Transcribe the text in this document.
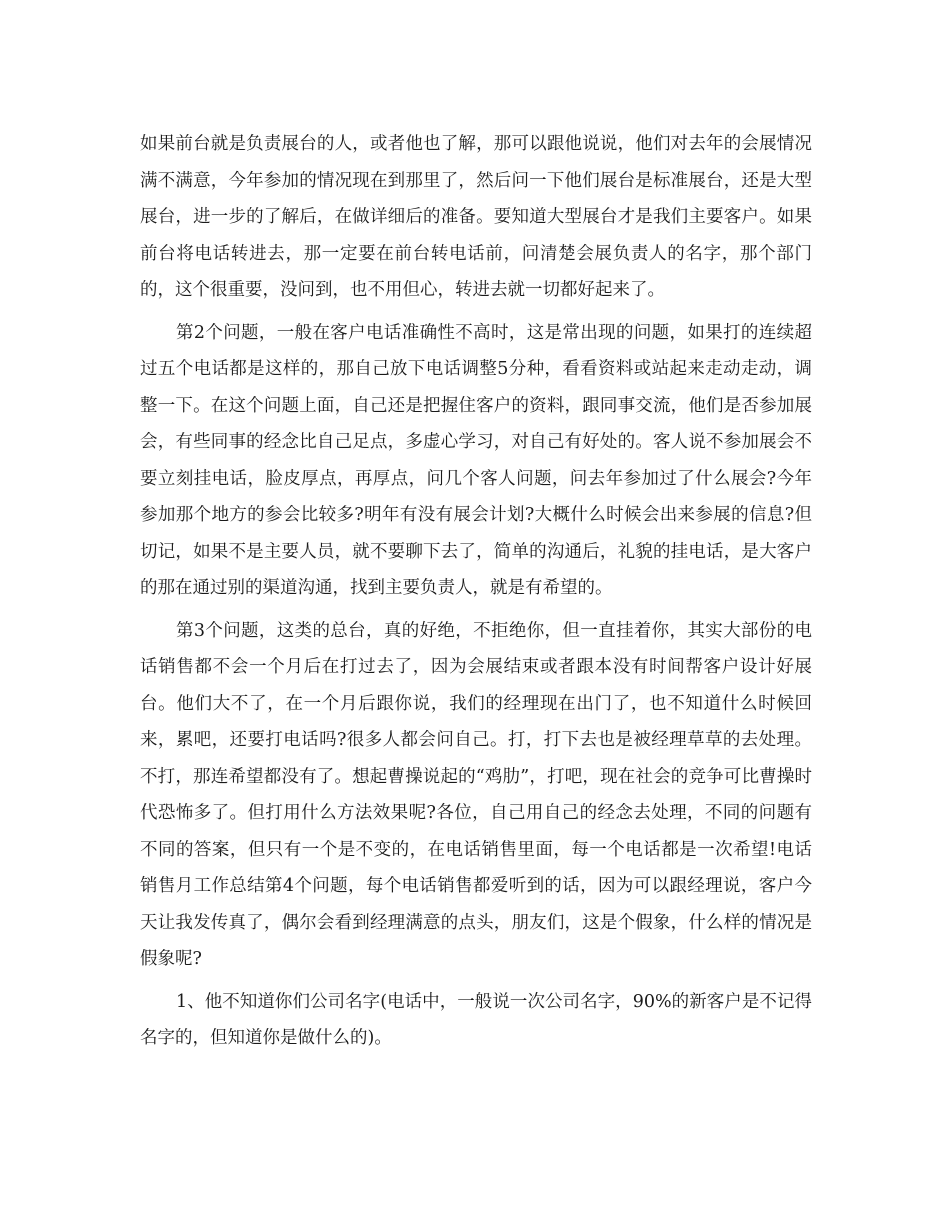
如果前台就是负责展台的人，或者他也了解，那可以跟他说说，他们对去年的会展情况满不满意，今年参加的情况现在到那里了，然后问一下他们展台是标准展台，还是大型展台，进一步的了解后，在做详细后的准备。要知道大型展台才是我们主要客户。如果前台将电话转进去，那一定要在前台转电话前，问清楚会展负责人的名字，那个部门的，这个很重要，没问到，也不用但心，转进去就一切都好起来了。

第2个问题，一般在客户电话准确性不高时，这是常出现的问题，如果打的连续超过五个电话都是这样的，那自己放下电话调整5分种，看看资料或站起来走动走动，调整一下。在这个问题上面，自己还是把握住客户的资料，跟同事交流，他们是否参加展会，有些同事的经念比自己足点，多虚心学习，对自己有好处的。客人说不参加展会不要立刻挂电话，脸皮厚点，再厚点，问几个客人问题，问去年参加过了什么展会?今年参加那个地方的参会比较多?明年有没有展会计划?大概什么时候会出来参展的信息?但切记，如果不是主要人员，就不要聊下去了，简单的沟通后，礼貌的挂电话，是大客户的那在通过别的渠道沟通，找到主要负责人，就是有希望的。

第3个问题，这类的总台，真的好绝，不拒绝你，但一直挂着你，其实大部份的电话销售都不会一个月后在打过去了，因为会展结束或者跟本没有时间帮客户设计好展台。他们大不了，在一个月后跟你说，我们的经理现在出门了，也不知道什么时候回来，累吧，还要打电话吗?很多人都会问自己。打，打下去也是被经理草草的去处理。不打，那连希望都没有了。想起曹操说起的“鸡肋”，打吧，现在社会的竞争可比曹操时代恐怖多了。但打用什么方法效果呢?各位，自己用自己的经念去处理，不同的问题有不同的答案，但只有一个是不变的，在电话销售里面，每一个电话都是一次希望!电话销售月工作总结第4个问题，每个电话销售都爱听到的话，因为可以跟经理说，客户今天让我发传真了，偶尔会看到经理满意的点头，朋友们，这是个假象，什么样的情况是假象呢?

1、他不知道你们公司名字(电话中，一般说一次公司名字，90%的新客户是不记得名字的，但知道你是做什么的)。
